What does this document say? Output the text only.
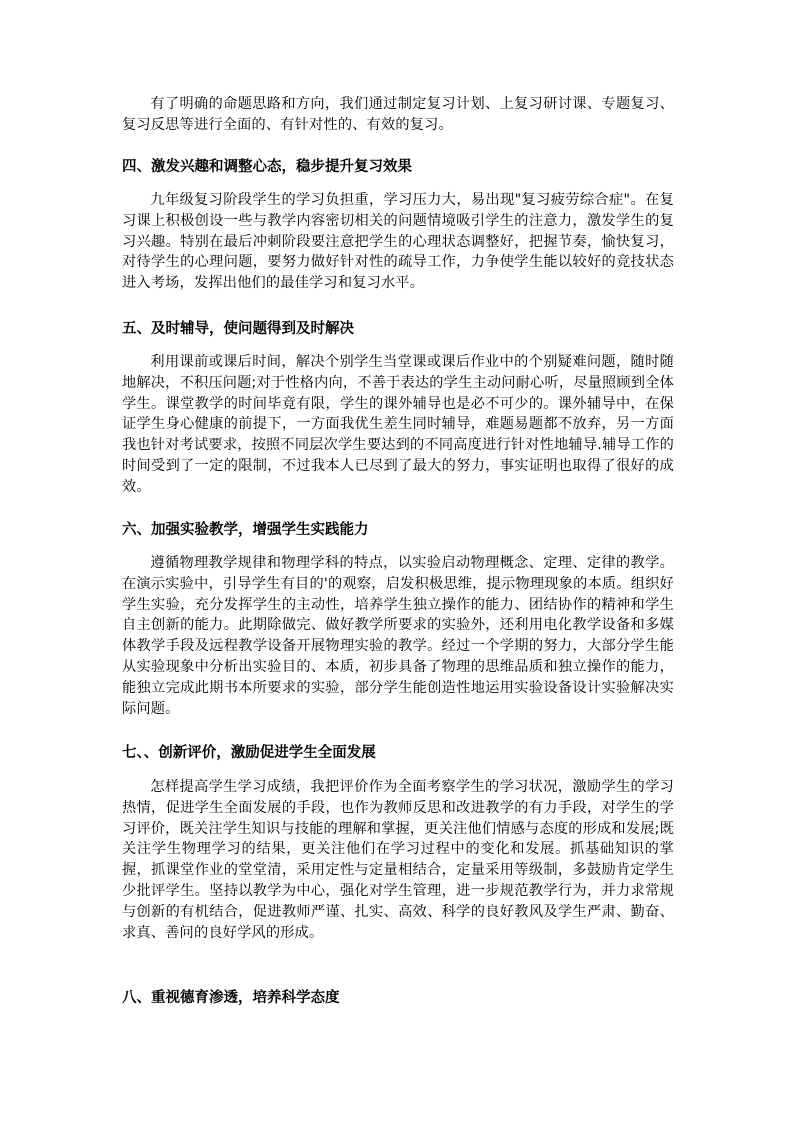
有了明确的命题思路和方向，我们通过制定复习计划、上复习研讨课、专题复习、复习反思等进行全面的、有针对性的、有效的复习。

四、激发兴趣和调整心态，稳步提升复习效果

九年级复习阶段学生的学习负担重，学习压力大，易出现"复习疲劳综合症"。在复习课上积极创设一些与教学内容密切相关的问题情境吸引学生的注意力，激发学生的复习兴趣。特别在最后冲刺阶段要注意把学生的心理状态调整好，把握节奏，愉快复习，对待学生的心理问题，要努力做好针对性的疏导工作，力争使学生能以较好的竞技状态进入考场，发挥出他们的最佳学习和复习水平。

五、及时辅导，使问题得到及时解决

利用课前或课后时间，解决个别学生当堂课或课后作业中的个别疑难问题，随时随地解决，不积压问题;对于性格内向，不善于表达的学生主动问耐心听，尽量照顾到全体学生。课堂教学的时间毕竟有限，学生的课外辅导也是必不可少的。课外辅导中，在保证学生身心健康的前提下，一方面我优生差生同时辅导，难题易题都不放弃，另一方面我也针对考试要求，按照不同层次学生要达到的不同高度进行针对性地辅导.辅导工作的时间受到了一定的限制，不过我本人已尽到了最大的努力，事实证明也取得了很好的成效。

六、加强实验教学，增强学生实践能力

遵循物理教学规律和物理学科的特点，以实验启动物理概念、定理、定律的教学。在演示实验中，引导学生有目的'的观察，启发积极思维，提示物理现象的本质。组织好学生实验，充分发挥学生的主动性，培养学生独立操作的能力、团结协作的精神和学生自主创新的能力。此期除做完、做好教学所要求的实验外，还利用电化教学设备和多媒体教学手段及远程教学设备开展物理实验的教学。经过一个学期的努力，大部分学生能从实验现象中分析出实验目的、本质，初步具备了物理的思维品质和独立操作的能力，能独立完成此期书本所要求的实验，部分学生能创造性地运用实验设备设计实验解决实际问题。

七、、创新评价，激励促进学生全面发展

怎样提高学生学习成绩，我把评价作为全面考察学生的学习状况，激励学生的学习热情，促进学生全面发展的手段，也作为教师反思和改进教学的有力手段，对学生的学习评价，既关注学生知识与技能的理解和掌握，更关注他们情感与态度的形成和发展;既关注学生物理学习的结果，更关注他们在学习过程中的变化和发展。抓基础知识的掌握，抓课堂作业的堂堂清，采用定性与定量相结合，定量采用等级制，多鼓励肯定学生少批评学生。坚持以教学为中心，强化对学生管理，进一步规范教学行为，并力求常规与创新的有机结合，促进教师严谨、扎实、高效、科学的良好教风及学生严肃、勤奋、求真、善问的良好学风的形成。

八、重视德育渗透，培养科学态度
